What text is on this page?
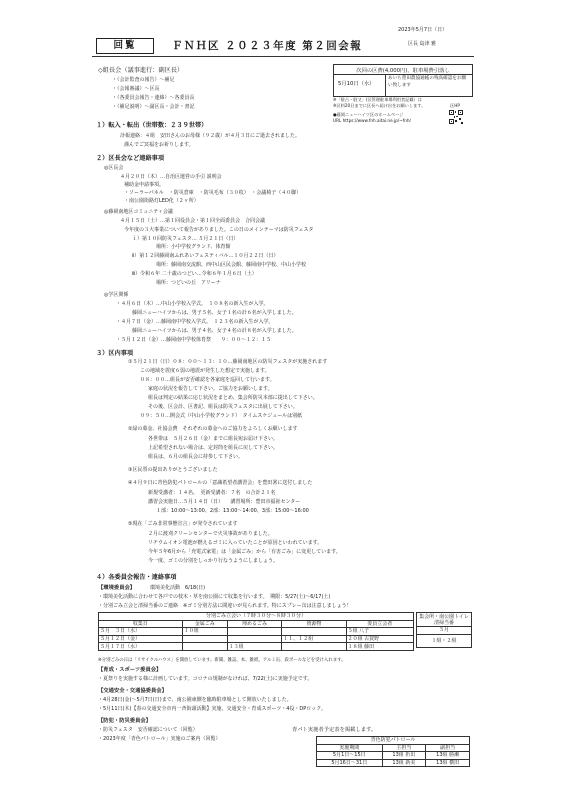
2023年5月7日（日）
区長 島津 雅
回覧	ＦＮＨ区 ２０２３年度 第２回会報
次回の区費(4,000円)、駐車場費引落し
5月10日（水）
あいち豊田農協通帳の残高確認をお願い致します
※「駐占・駐又」(区管理駐車場利用者記載）は
※区料20日までに区長へ届け出をお願いします。
●藤岡ニューハイツ区のホームページ
URL https://www.fnh.aitai.ne.jp/~fnh/
区HP
◇組長会（議事進行：副区長）
・（会計監査の報告）～補足
・（会報審議）～区長
・（各委員会報告・連絡）～各委員長
・（補足説明）～副区長・会計・書記
１）転入・転出（世帯数：２３９世帯）
訃報連絡：４組　安田さんのお母様（９２歳）が４月３日にご逝去されました。
謹んでご冥福をお祈りします。
２）区長会など連絡事項
◎区長会
４月２０日（木）…自治区運営の手引 説明会
補助金申請事項。
・ソーラーパネル　・防災倉庫　・防災毛布（３０枚）　・会議椅子（４０脚）
・南公園街路灯LED化（２ヶ所）
◎藤岡南地区コミュニティ会議
４月１５日（土）…第１回役員会・第１回全面委員会　合同会議
今年度の３大事業について報告がありました。この日のメインテーマは防災フェスタ
ｉ）第１０回防災フェスタ… ５月２１日（日）
場所：小中学校グランド、体育館
ⅱ）第１２回藤岡南ふれあいフェスティバル…１０月２２日（日）
場所：藤岡南交流館、西中山区民会館、藤岡南中学校、中山小学校
ⅲ）令和６年 二十歳のつどい…令和６年１月６日（土）
場所：つどいの丘　アリーナ
◎学区関係
・４月６日（木）…中山小学校入学式。　１０８名の新入生が入学。
藤岡ニューハイツからは、男子５名、女子１名の計６名が入学しました。
・４月７日（金）…藤岡南中学校入学式。　１２３名の新入生が入学。
藤岡ニューハイツからは、男子４名、女子４名の計８名が入学しました。
・５月１２日（金）…藤岡南中学校体育祭　　９：００～１２：１５
３）区内事項
①５月２１日（日）０８：００～１３：１０…藤岡南地区の防災フェスタが実施されます
この地域を震度６弱の地震が発生した想定で実施します。
０８：００…組長が安否確認を各家庭を巡回して行います。
家庭の状況を報告して下さい。ご協力をお願いします。
組長は判定の結果に応じ状況をまとめ、集会所防災本部に提出して下さい。
その後、区会計、区書記、組長は防災フェスタに出展して下さい。
０９：５０…開会式（中山小学校グランド）　タイムスケジュールは別紙
②緑の募金、社協会費　それぞれの募金へのご協力をよろしくお願いします
各世帯は　５月２６日（金）までに組長宛お届け下さい。
上記希望されない場合は、定封筒を組長に戻して下さい。
組長は、６月の組長会に持参して下さい。
③区民票の提出ありがとうございました
④４月９日に青色防犯パトロールの「意識希望者講習会」を豊田署に送付しました
新規受講者：１４名、　更新受講者：７名　の合計２１名
講習会実施日…５月１４日（日）　　講習場所：豊田市福祉センター
１部：10:00～13:00、2部：13:00～14:00、3部：15:00～16:00
⑤現在「ごみ非常事態宣言」が発令されています
２月に渡刈クリーンセンターで火災事故がありました。
リチウムイオン電池が燃えるゴミに入っていたことが原因といわれています。
今年５年6月から「充電式家電」は「金属ごみ」から「有害ごみ」に変更しています。
今一度、ゴミの分別をしっかり行なうようにしましょう。
４）各委員会報告・連絡事項
【環境委員会】	環境美化活動　6/18(日)
・環境美化活動に合わせて各戸での枝木・草を南公園にて収集を行います。　期限：5/27(土)～6/17(土)
・分別ごみ立会と清掃当番のご連絡　※ゴミ分別方法に間違いが見られます。特にスプレー缶は注意しましょう！
分別ごみ立会い（７時３０分～８時３０分）				
収集日	金属ごみ	埋めるごみ	資源物	委員立会者
５月　３日（水）	１０組			５組 八子
５月１２日（金）			１１、１２組	２０組 古賀野
５月１７日（水）		１３組		１８組 藤田
集会所・南公園トイレ清掃当番
５月
１組・２組
※分別ごみの日は「リサイクルハウス」を開放しています。新聞、雑誌、本、雑紙、アルミ缶、段ボールなどを受け入れます。
【育成・スポーツ委員会】
・夏祭りを実施する様に計画しています。コロナの規制がなければ、7/22(土)に実施予定です。
【交通安全・交通協委員会】
・4月28日(金)～5月7日(日)まで、南公園東側を臨時駐車場として開放いたしました。
・5月11日(木)【春の交通安全市内一斉街頭活動】実施、交通安全・育成スポーツ・4役・DPロック。
【防犯・防災委員会】
・防災フェスタ　安否確認について（回覧）
・2023年度「青色パトロール」実施のご案内（回覧）
青パト実施者予定表を掲載します。
青色防犯パトロール		
実施期間	主担当	副担当
5月1日～15日	13組 折出	13組 勝瀬
5月16日～31日	13組 新美	13組 横田
